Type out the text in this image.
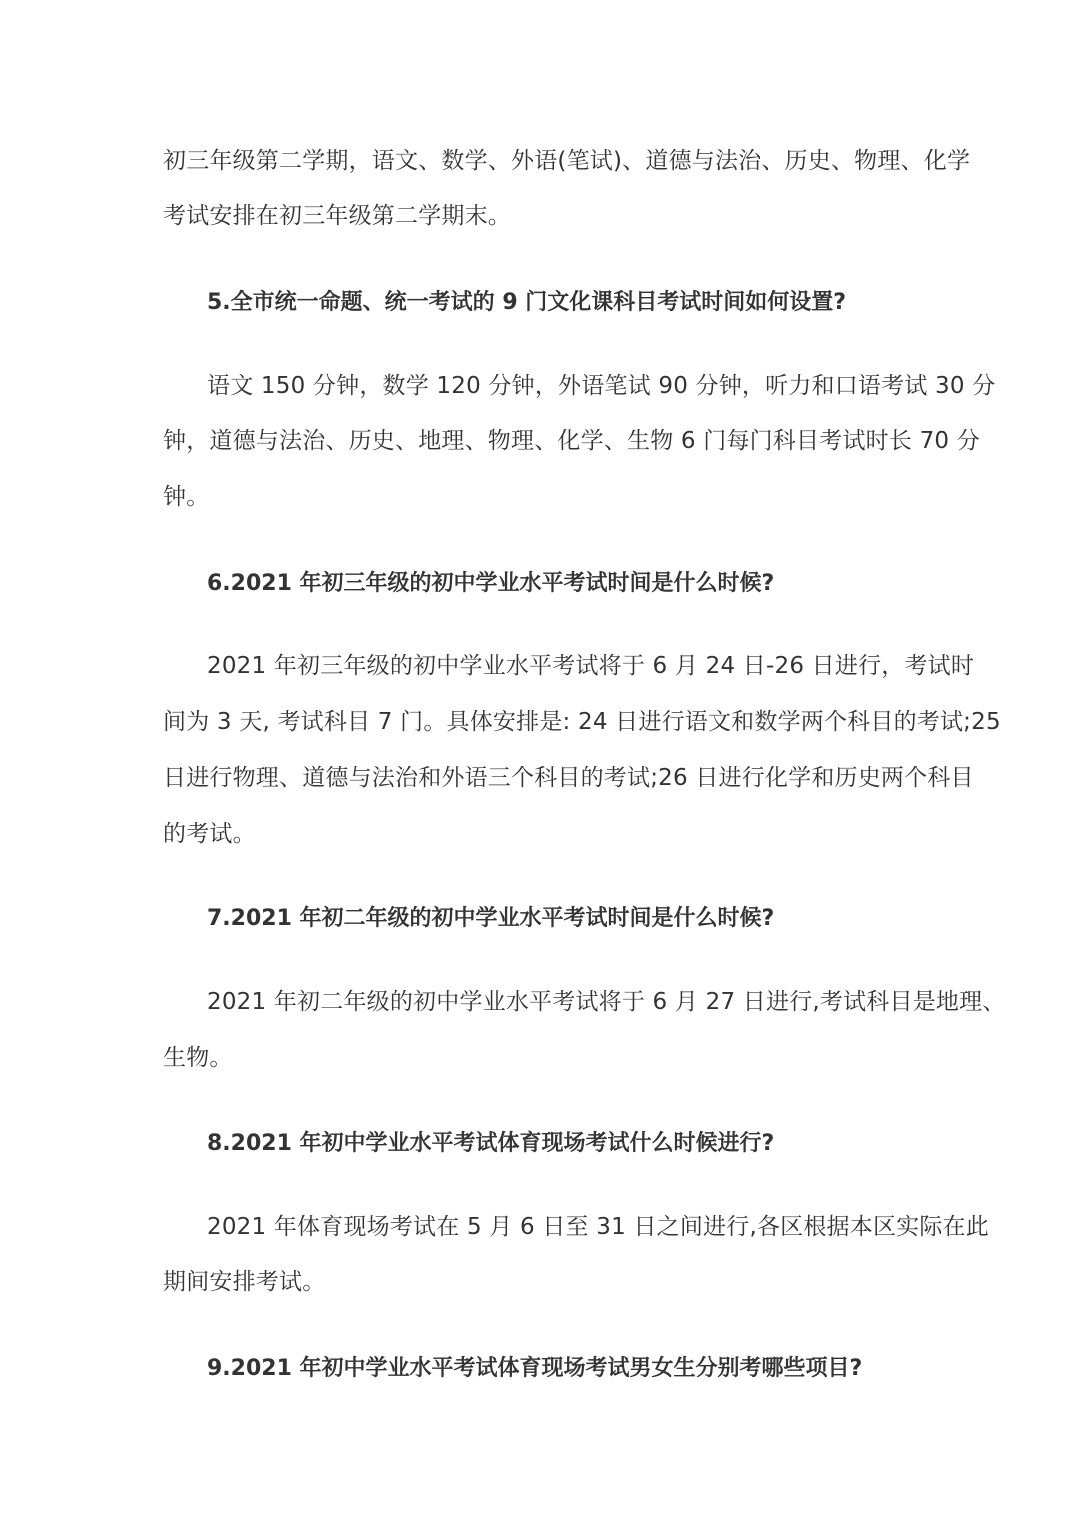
初三年级第二学期，语文、数学、外语(笔试)、道德与法治、历史、物理、化学
考试安排在初三年级第二学期末。
5.全市统一命题、统一考试的 9 门文化课科目考试时间如何设置?
语文 150 分钟，数学 120 分钟，外语笔试 90 分钟，听力和口语考试 30 分
钟，道德与法治、历史、地理、物理、化学、生物 6 门每门科目考试时长 70 分
钟。
6.2021 年初三年级的初中学业水平考试时间是什么时候?
2021 年初三年级的初中学业水平考试将于 6 月 24 日-26 日进行，考试时
间为 3 天, 考试科目 7 门。具体安排是: 24 日进行语文和数学两个科目的考试;25
日进行物理、道德与法治和外语三个科目的考试;26 日进行化学和历史两个科目
的考试。
7.2021 年初二年级的初中学业水平考试时间是什么时候?
2021 年初二年级的初中学业水平考试将于 6 月 27 日进行,考试科目是地理、
生物。
8.2021 年初中学业水平考试体育现场考试什么时候进行?
2021 年体育现场考试在 5 月 6 日至 31 日之间进行,各区根据本区实际在此
期间安排考试。
9.2021 年初中学业水平考试体育现场考试男女生分别考哪些项目?
